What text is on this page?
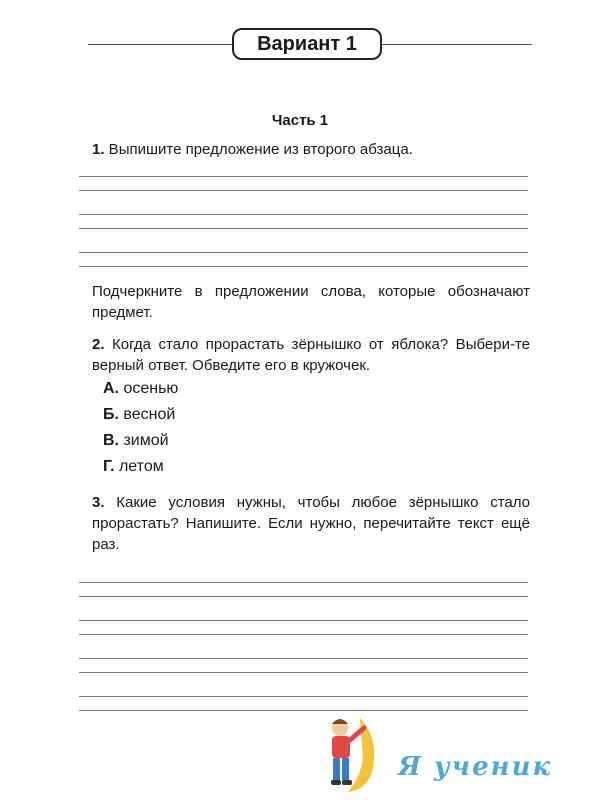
Вариант 1
Часть 1
1. Выпишите предложение из второго абзаца.
Подчеркните в предложении слова, которые обозначают предмет.
2. Когда стало прорастать зёрнышко от яблока? Выбери-те верный ответ. Обведите его в кружочек.
А. осенью
Б. весной
В. зимой
Г. летом
3. Какие условия нужны, чтобы любое зёрнышко стало прорастать? Напишите. Если нужно, перечитайте текст ещё раз.
Я ученик
